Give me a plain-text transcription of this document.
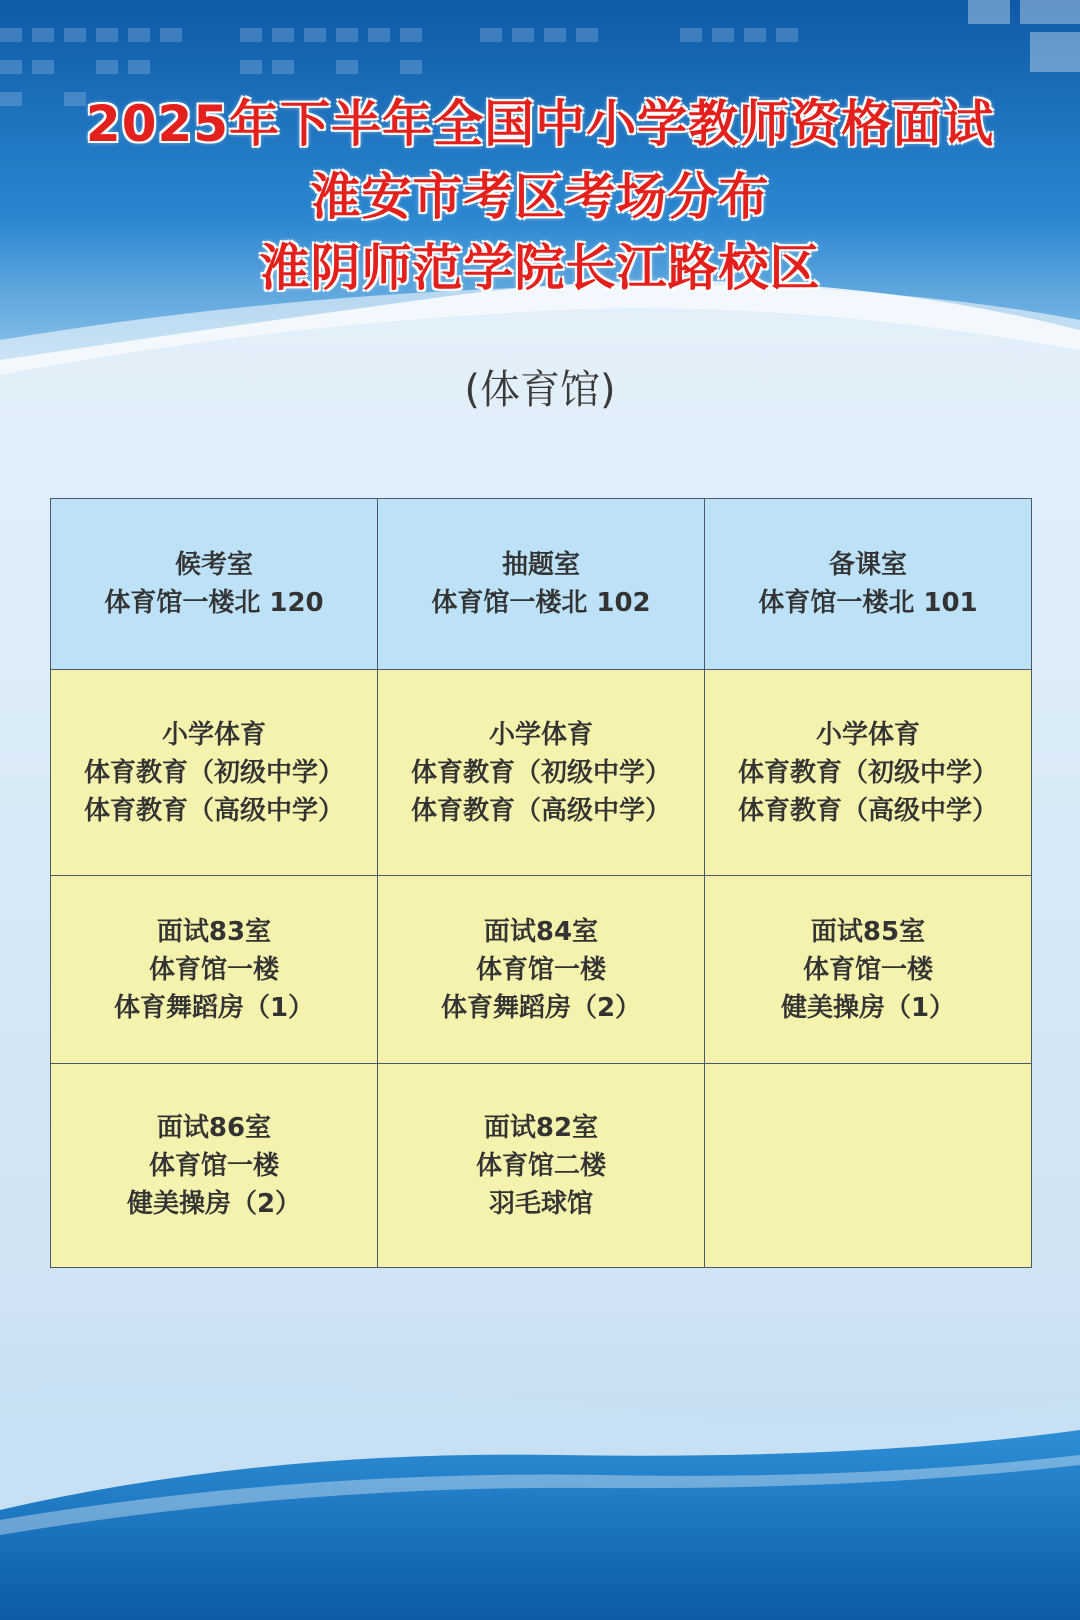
2025年下半年全国中小学教师资格面试
淮安市考区考场分布
淮阴师范学院长江路校区
(体育馆)
候考室
体育馆一楼北 120	抽题室
体育馆一楼北 102	备课室
体育馆一楼北 101

小学体育
体育教育（初级中学）
体育教育（高级中学）	小学体育
体育教育（初级中学）
体育教育（高级中学）	小学体育
体育教育（初级中学）
体育教育（高级中学）

面试83室
体育馆一楼
体育舞蹈房（1）	面试84室
体育馆一楼
体育舞蹈房（2）	面试85室
体育馆一楼
健美操房（1）

面试86室
体育馆一楼
健美操房（2）	面试82室
体育馆二楼
羽毛球馆	
